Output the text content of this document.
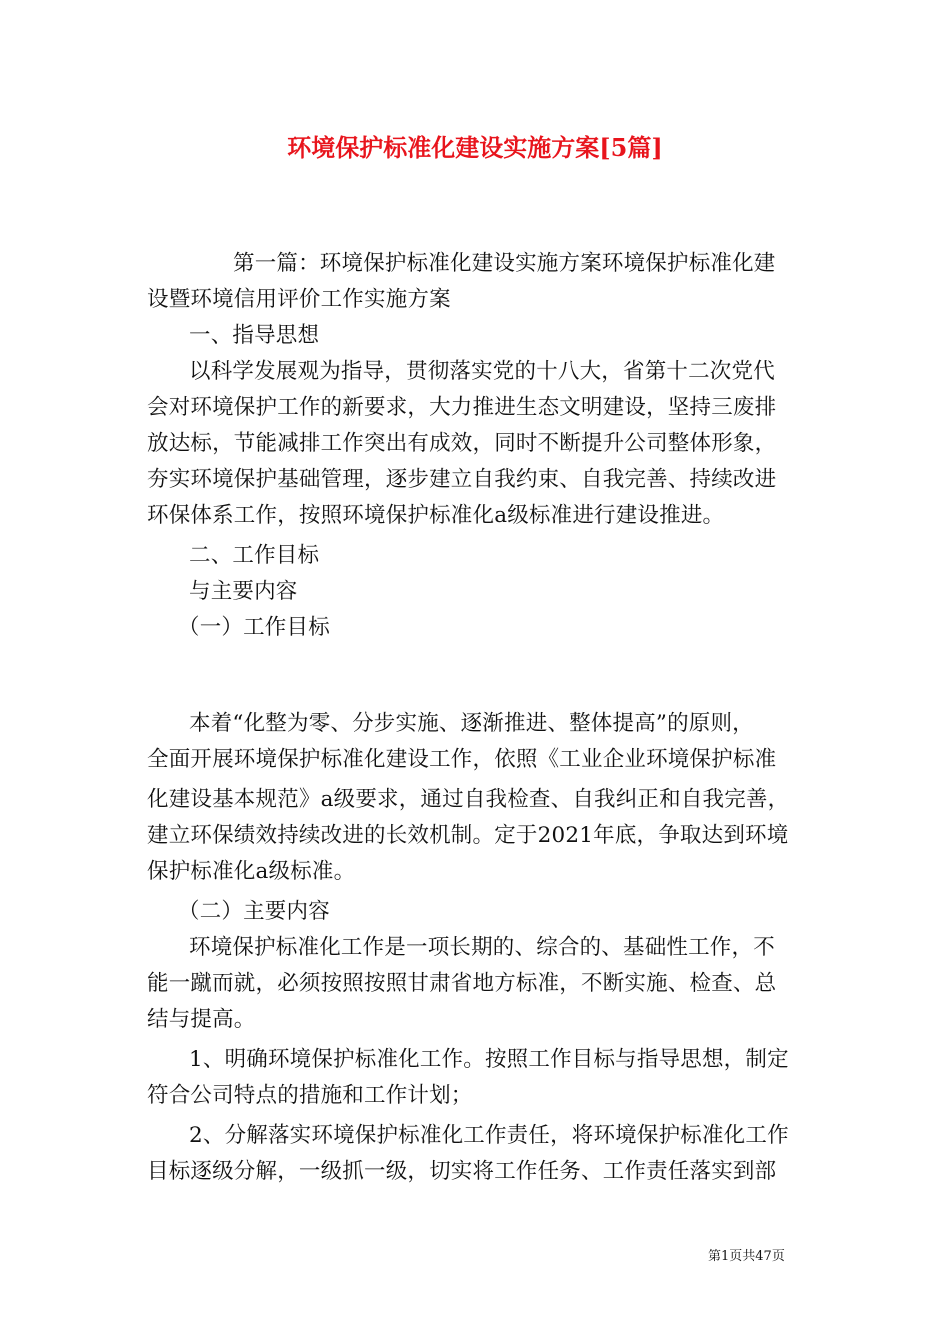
环境保护标准化建设实施方案[5篇]
第一篇：环境保护标准化建设实施方案环境保护标准化建
设暨环境信用评价工作实施方案
一、指导思想
以科学发展观为指导，贯彻落实党的十八大，省第十二次党代
会对环境保护工作的新要求，大力推进生态文明建设，坚持三废排
放达标，节能减排工作突出有成效，同时不断提升公司整体形象，
夯实环境保护基础管理，逐步建立自我约束、自我完善、持续改进
环保体系工作，按照环境保护标准化a级标准进行建设推进。
二、工作目标
与主要内容
（一）工作目标
本着“化整为零、分步实施、逐渐推进、整体提高”的原则，
全面开展环境保护标准化建设工作，依照《工业企业环境保护标准
化建设基本规范》a级要求，通过自我检查、自我纠正和自我完善，
建立环保绩效持续改进的长效机制。定于2021年底，争取达到环境
保护标准化a级标准。
（二）主要内容
环境保护标准化工作是一项长期的、综合的、基础性工作，不
能一蹴而就，必须按照按照甘肃省地方标准，不断实施、检查、总
结与提高。
1、明确环境保护标准化工作。按照工作目标与指导思想，制定
符合公司特点的措施和工作计划；
2、分解落实环境保护标准化工作责任，将环境保护标准化工作
目标逐级分解，一级抓一级，切实将工作任务、工作责任落实到部
第1页共47页
